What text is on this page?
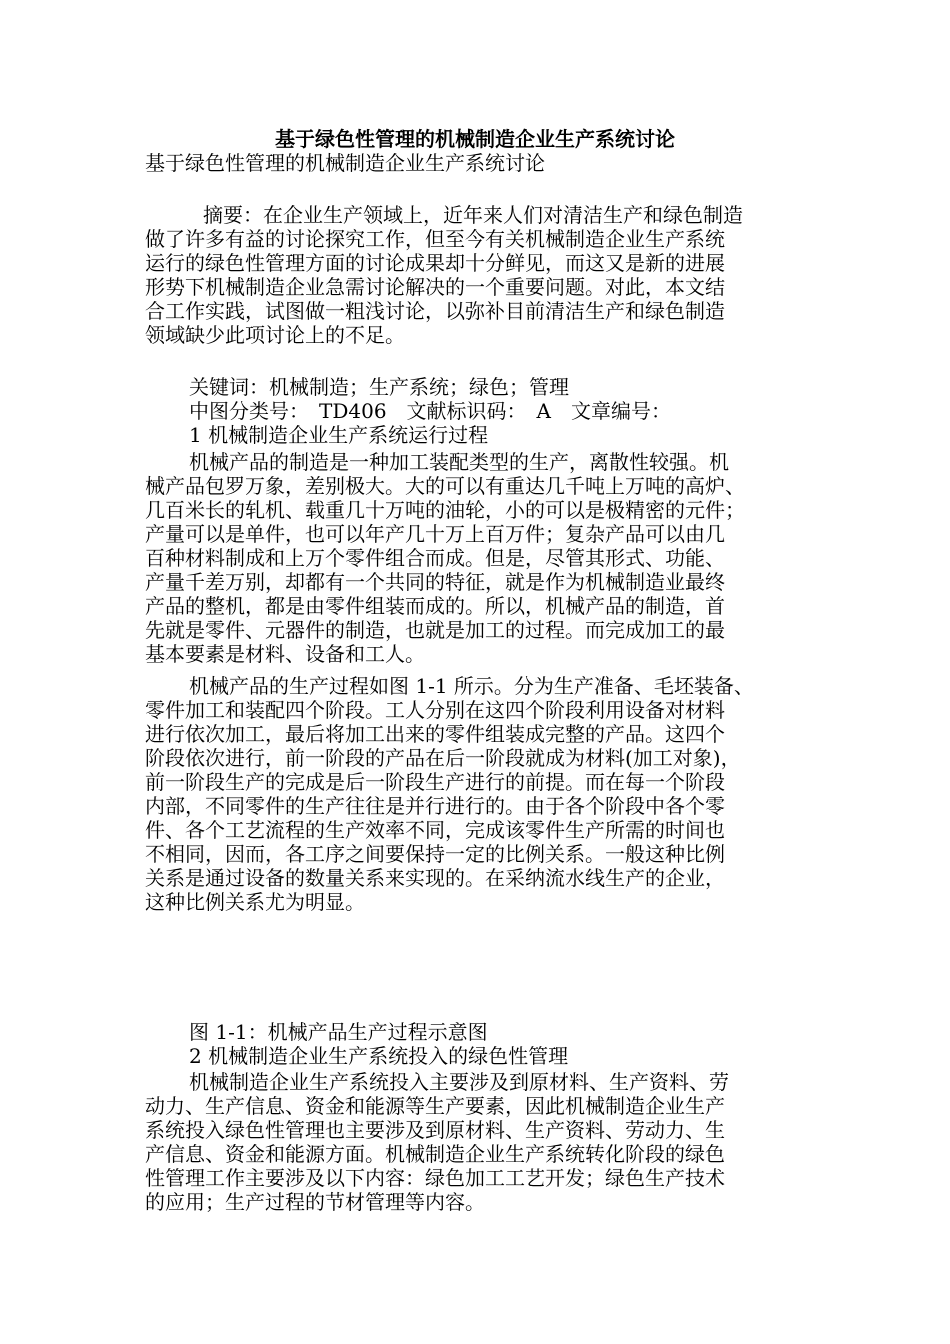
基于绿色性管理的机械制造企业生产系统讨论
基于绿色性管理的机械制造企业生产系统讨论
摘要：在企业生产领域上，近年来人们对清洁生产和绿色制造
做了许多有益的讨论探究工作，但至今有关机械制造企业生产系统
运行的绿色性管理方面的讨论成果却十分鲜见，而这又是新的进展
形势下机械制造企业急需讨论解决的一个重要问题。对此，本文结
合工作实践，试图做一粗浅讨论，以弥补目前清洁生产和绿色制造
领域缺少此项讨论上的不足。
关键词：机械制造；生产系统；绿色；管理
中图分类号：　TD406　文献标识码：　A　文章编号：
1 机械制造企业生产系统运行过程
机械产品的制造是一种加工装配类型的生产，离散性较强。机
械产品包罗万象，差别极大。大的可以有重达几千吨上万吨的高炉、
几百米长的轧机、载重几十万吨的油轮，小的可以是极精密的元件；
产量可以是单件，也可以年产几十万上百万件；复杂产品可以由几
百种材料制成和上万个零件组合而成。但是，尽管其形式、功能、
产量千差万别，却都有一个共同的特征，就是作为机械制造业最终
产品的整机，都是由零件组装而成的。所以，机械产品的制造，首
先就是零件、元器件的制造，也就是加工的过程。而完成加工的最
基本要素是材料、设备和工人。
机械产品的生产过程如图 1-1 所示。分为生产准备、毛坯装备、
零件加工和装配四个阶段。工人分别在这四个阶段利用设备对材料
进行依次加工，最后将加工出来的零件组装成完整的产品。这四个
阶段依次进行，前一阶段的产品在后一阶段就成为材料(加工对象)，
前一阶段生产的完成是后一阶段生产进行的前提。而在每一个阶段
内部，不同零件的生产往往是并行进行的。由于各个阶段中各个零
件、各个工艺流程的生产效率不同，完成该零件生产所需的时间也
不相同，因而，各工序之间要保持一定的比例关系。一般这种比例
关系是通过设备的数量关系来实现的。在采纳流水线生产的企业，
这种比例关系尤为明显。
图 1-1：机械产品生产过程示意图
2 机械制造企业生产系统投入的绿色性管理
机械制造企业生产系统投入主要涉及到原材料、生产资料、劳
动力、生产信息、资金和能源等生产要素，因此机械制造企业生产
系统投入绿色性管理也主要涉及到原材料、生产资料、劳动力、生
产信息、资金和能源方面。机械制造企业生产系统转化阶段的绿色
性管理工作主要涉及以下内容：绿色加工工艺开发；绿色生产技术
的应用；生产过程的节材管理等内容。
